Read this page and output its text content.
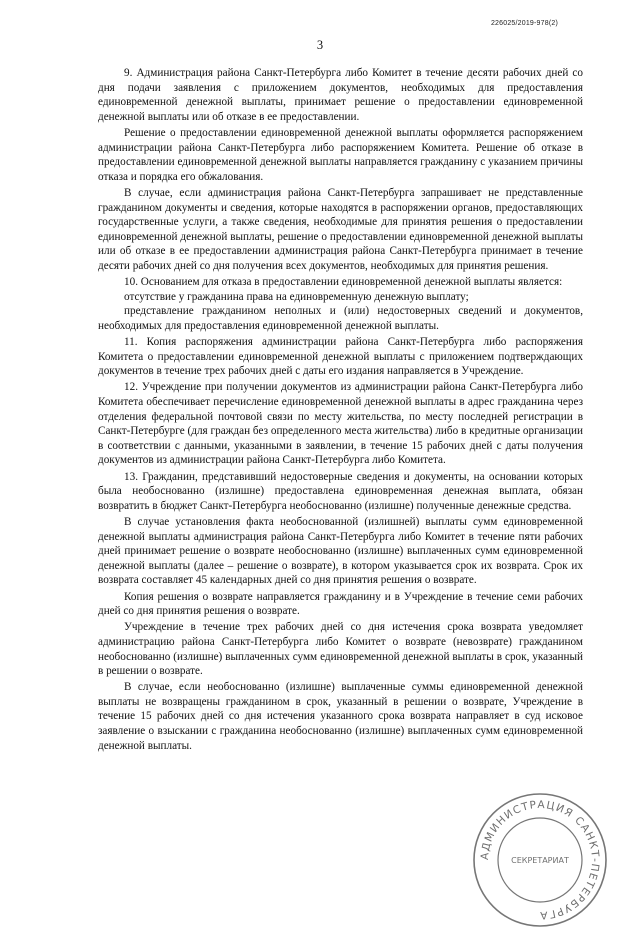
226025/2019-978(2)
3

9. Администрация района Санкт-Петербурга либо Комитет в течение десяти рабочих дней со дня подачи заявления с приложением документов, необходимых для предоставления единовременной денежной выплаты, принимает решение о предоставлении единовременной денежной выплаты или об отказе в ее предоставлении.

Решение о предоставлении единовременной денежной выплаты оформляется распоряжением администрации района Санкт-Петербурга либо распоряжением Комитета. Решение об отказе в предоставлении единовременной денежной выплаты направляется гражданину с указанием причины отказа и порядка его обжалования.

В случае, если администрация района Санкт-Петербурга запрашивает не представленные гражданином документы и сведения, которые находятся в распоряжении органов, предоставляющих государственные услуги, а также сведения, необходимые для принятия решения о предоставлении единовременной денежной выплаты, решение о предоставлении единовременной денежной выплаты или об отказе в ее предоставлении администрация района Санкт-Петербурга принимает в течение десяти рабочих дней со дня получения всех документов, необходимых для принятия решения.

10. Основанием для отказа в предоставлении единовременной денежной выплаты является:

отсутствие у гражданина права на единовременную денежную выплату;

представление гражданином неполных и (или) недостоверных сведений и документов, необходимых для предоставления единовременной денежной выплаты.

11. Копия распоряжения администрации района Санкт-Петербурга либо распоряжения Комитета о предоставлении единовременной денежной выплаты с приложением подтверждающих документов в течение трех рабочих дней с даты его издания направляется в Учреждение.

12. Учреждение при получении документов из администрации района Санкт-Петербурга либо Комитета обеспечивает перечисление единовременной денежной выплаты в адрес гражданина через отделения федеральной почтовой связи по месту жительства, по месту последней регистрации в Санкт-Петербурге (для граждан без определенного места жительства) либо в кредитные организации в соответствии с данными, указанными в заявлении, в течение 15 рабочих дней с даты получения документов из администрации района Санкт-Петербурга либо Комитета.

13. Гражданин, представивший недостоверные сведения и документы, на основании которых была необоснованно (излишне) предоставлена единовременная денежная выплата, обязан возвратить в бюджет Санкт-Петербурга необоснованно (излишне) полученные денежные средства.

В случае установления факта необоснованной (излишней) выплаты сумм единовременной денежной выплаты администрация района Санкт-Петербурга либо Комитет в течение пяти рабочих дней принимает решение о возврате необоснованно (излишне) выплаченных сумм единовременной денежной выплаты (далее – решение о возврате), в котором указывается срок их возврата. Срок их возврата составляет 45 календарных дней со дня принятия решения о возврате.

Копия решения о возврате направляется гражданину и в Учреждение в течение семи рабочих дней со дня принятия решения о возврате.

Учреждение в течение трех рабочих дней со дня истечения срока возврата уведомляет администрацию района Санкт-Петербурга либо Комитет о возврате (невозврате) гражданином необоснованно (излишне) выплаченных сумм единовременной денежной выплаты в срок, указанный в решении о возврате.

В случае, если необоснованно (излишне) выплаченные суммы единовременной денежной выплаты не возвращены гражданином в срок, указанный в решении о возврате, Учреждение в течение 15 рабочих дней со дня истечения указанного срока возврата направляет в суд исковое заявление о взыскании с гражданина необоснованно (излишне) выплаченных сумм единовременной денежной выплаты.

АДМИНИСТРАЦИЯ САНКТ-ПЕТЕРБУРГА
СЕКРЕТАРИАТ
